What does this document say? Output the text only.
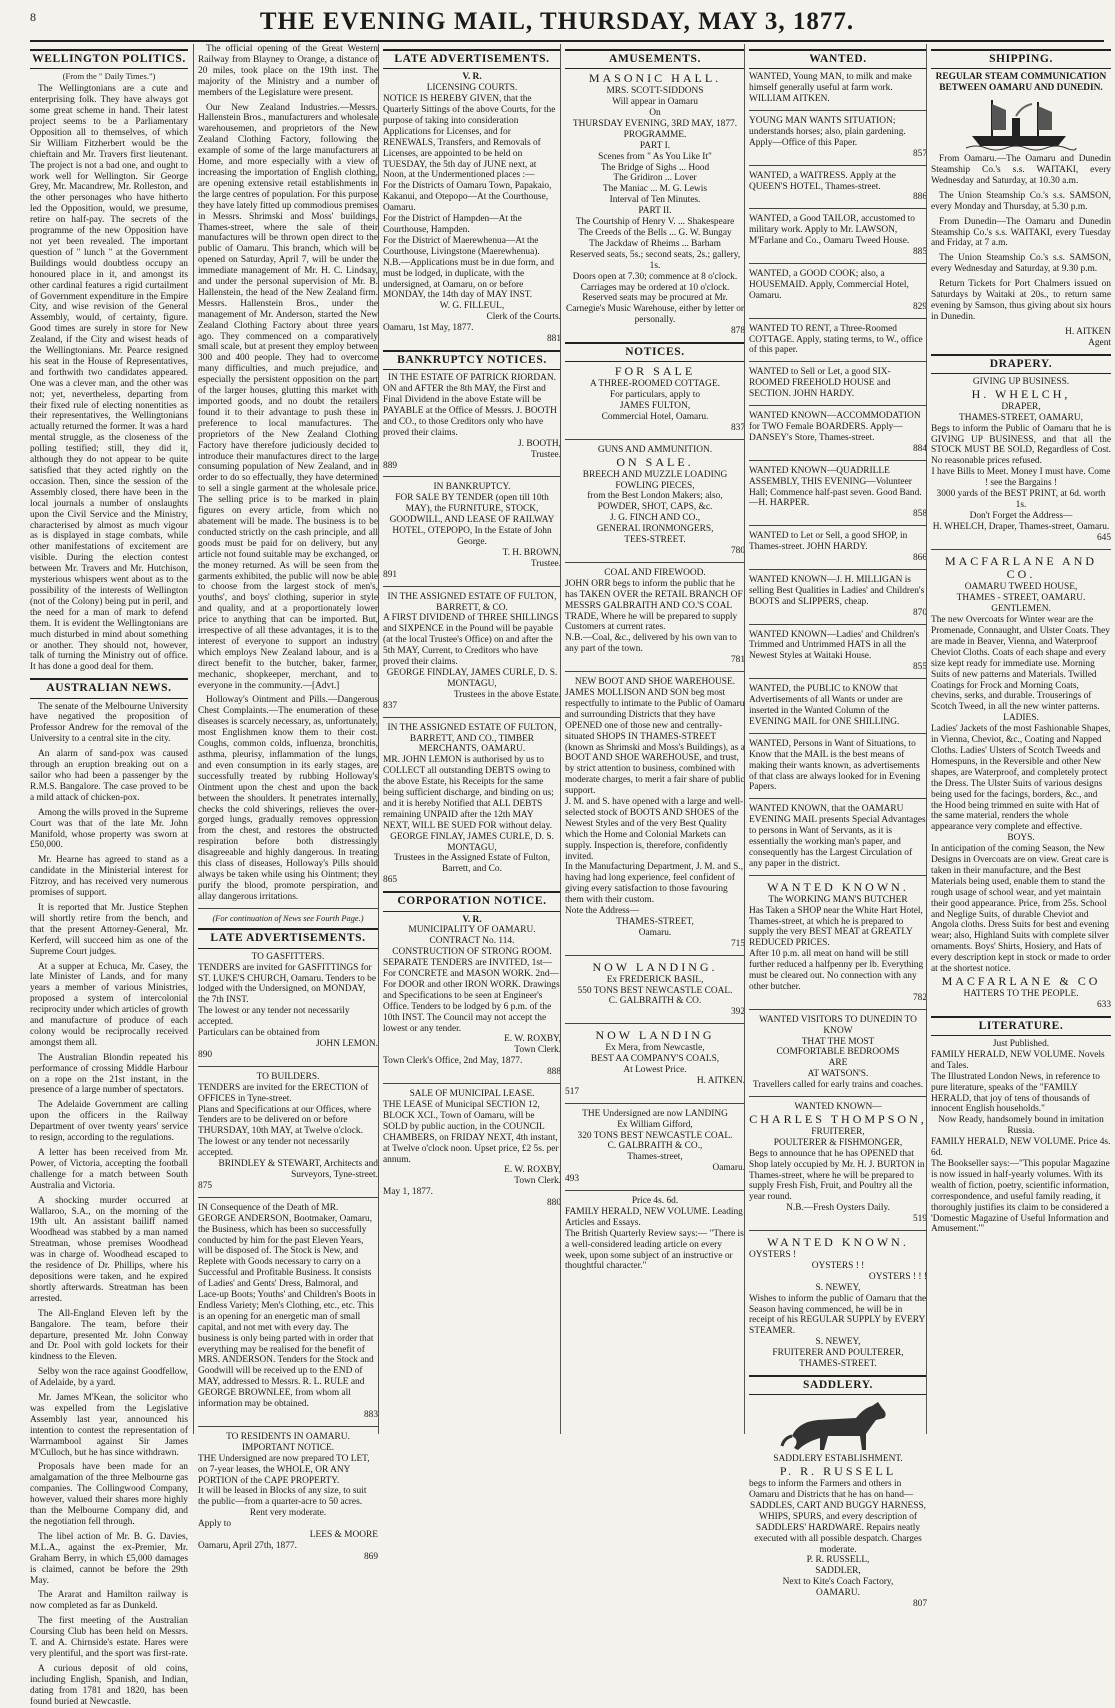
8	THE EVENING MAIL, THURSDAY, MAY 3, 1877.
WELLINGTON POLITICS.
(From the " Daily Times.")

The Wellingtonians are a cute and enterprising folk. They have always got some great scheme in hand. Their latest project seems to be a Parliamentary Opposition all to themselves, of which Sir William Fitzherbert would be the chieftain and Mr. Travers first lieutenant. The project is not a bad one, and ought to work well for Wellington. Sir George Grey, Mr. Macandrew, Mr. Rolleston, and the other personages who have hitherto led the Opposition, would, we presume, retire on half-pay. The secrets of the programme of the new Opposition have not yet been revealed. The important question of " lunch " at the Government Buildings would doubtless occupy an honoured place in it, and amongst its other cardinal features a rigid curtailment of Government expenditure in the Empire City, and wise revision of the General Assembly, would, of certainty, figure. Good times are surely in store for New Zealand, if the City and wisest heads of the Wellingtonians. Mr. Pearce resigned his seat in the House of Representatives, and forthwith two candidates appeared. One was a clever man, and the other was not; yet, nevertheless, departing from their fixed rule of electing nonentities as their representatives, the Wellingtonians actually returned the former. It was a hard mental struggle, as the closeness of the polling testified; still, they did it, although they do not appear to be quite satisfied that they acted rightly on the occasion. Then, since the session of the Assembly closed, there have been in the local journals a number of onslaughts upon the Civil Service and the Ministry, characterised by almost as much vigour as is displayed in stage combats, while other manifestations of excitement are visible. During the election contest between Mr. Travers and Mr. Hutchison, mysterious whispers went about as to the possibility of the interests of Wellington (not of the Colony) being put in peril, and the need for a man of mark to defend them. It is evident the Wellingtonians are much disturbed in mind about something or another. They should not, however, talk of turning the Ministry out of office. It has done a good deal for them.

AUSTRALIAN NEWS.

The senate of the Melbourne University have negatived the proposition of Professor Andrew for the removal of the University to a central site in the city.

An alarm of sand-pox was caused through an eruption breaking out on a sailor who had been a passenger by the R.M.S. Bangalore. The case proved to be a mild attack of chicken-pox.

Among the wills proved in the Supreme Court was that of the late Mr. John Manifold, whose property was sworn at £50,000.

Mr. Hearne has agreed to stand as a candidate in the Ministerial interest for Fitzroy, and has received very numerous promises of support.

It is reported that Mr. Justice Stephen will shortly retire from the bench, and that the present Attorney-General, Mr. Kerferd, will succeed him as one of the Supreme Court judges.

At a supper at Echuca, Mr. Casey, the late Minister of Lands, and for many years a member of various Ministries, proposed a system of intercolonial reciprocity under which articles of growth and manufacture of produce of each colony would be reciprocally received amongst them all.

The Australian Blondin repeated his performance of crossing Middle Harbour on a rope on the 21st instant, in the presence of a large number of spectators.

The Adelaide Government are calling upon the officers in the Railway Department of over twenty years' service to resign, according to the regulations.

A letter has been received from Mr. Power, of Victoria, accepting the football challenge for a match between South Australia and Victoria.

A shocking murder occurred at Wallaroo, S.A., on the morning of the 19th ult. An assistant bailiff named Woodhead was stabbed by a man named Streatman, whose premises Woodhead was in charge of. Woodhead escaped to the residence of Dr. Phillips, where his depositions were taken, and he expired shortly afterwards. Streatman has been arrested.

The All-England Eleven left by the Bangalore. The team, before their departure, presented Mr. John Conway and Dr. Pool with gold lockets for their kindness to the Eleven.

Selby won the race against Goodfellow, of Adelaide, by a yard.

Mr. James M'Kean, the solicitor who was expelled from the Legislative Assembly last year, announced his intention to contest the representation of Warrnambool against Sir James M'Culloch, but he has since withdrawn.

Proposals have been made for an amalgamation of the three Melbourne gas companies. The Collingwood Company, however, valued their shares more highly than the Melbourne Company did, and the negotiation fell through.

The libel action of Mr. B. G. Davies, M.L.A., against the ex-Premier, Mr. Graham Berry, in which £5,000 damages is claimed, cannot be before the 29th May.

The Ararat and Hamilton railway is now completed as far as Dunkeld.

The first meeting of the Australian Coursing Club has been held on Messrs. T. and A. Chirnside's estate. Hares were very plentiful, and the sport was first-rate.

A curious deposit of old coins, including English, Spanish, and Indian, dating from 1781 and 1820, has been found buried at Newcastle.

The official opening of the Great Western Railway from Blayney to Orange, a distance of 20 miles, took place on the 19th inst. The majority of the Ministry and a number of members of the Legislature were present.

Our New Zealand Industries.—Messrs. Hallenstein Bros., manufacturers and wholesale warehousemen, and proprietors of the New Zealand Clothing Factory, following the example of some of the large manufacturers at Home, and more especially with a view of increasing the importation of English clothing, are opening extensive retail establishments in the large centres of population. For this purpose they have lately fitted up commodious premises in Messrs. Shrimski and Moss' buildings, Thames-street, where the sale of their manufactures will be thrown open direct to the public of Oamaru. This branch, which will be opened on Saturday, April 7, will be under the immediate management of Mr. H. C. Lindsay, and under the personal supervision of Mr. B. Hallenstein, the head of the New Zealand firm. Messrs. Hallenstein Bros., under the management of Mr. Anderson, started the New Zealand Clothing Factory about three years ago. They commenced on a comparatively small scale, but at present they employ between 300 and 400 people. They had to overcome many difficulties, and much prejudice, and especially the persistent opposition on the part of the larger houses, glutting this market with imported goods, and no doubt the retailers found it to their advantage to push these in preference to local manufactures. The proprietors of the New Zealand Clothing Factory have therefore judiciously decided to introduce their manufactures direct to the large consuming population of New Zealand, and in order to do so effectually, they have determined to sell a single garment at the wholesale price. The selling price is to be marked in plain figures on every article, from which no abatement will be made. The business is to be conducted strictly on the cash principle, and all goods must be paid for on delivery, but any article not found suitable may be exchanged, or the money returned. As will be seen from the garments exhibited, the public will now be able to choose from the largest stock of men's, youths', and boys' clothing, superior in style and quality, and at a proportionately lower price to anything that can be imported. But, irrespective of all these advantages, it is to the interest of everyone to support an industry which employs New Zealand labour, and is a direct benefit to the butcher, baker, farmer, mechanic, shopkeeper, merchant, and to everyone in the community.—[Advt.]

Holloway's Ointment and Pills.—Dangerous Chest Complaints.—The enumeration of these diseases is scarcely necessary, as, unfortunately, most Englishmen know them to their cost. Coughs, common colds, influenza, bronchitis, asthma, pleurisy, inflammation of the lungs, and even consumption in its early stages, are successfully treated by rubbing Holloway's Ointment upon the chest and upon the back between the shoulders. It penetrates internally, checks the cold shiverings, relieves the over-gorged lungs, gradually removes oppression from the chest, and restores the obstructed respiration before both distressingly disagreeable and highly dangerous. In treating this class of diseases, Holloway's Pills should always be taken while using his Ointment; they purify the blood, promote perspiration, and allay dangerous irritations.

(For continuation of News see Fourth Page.)
LATE ADVERTISEMENTS.
TO GASFITTERS.
TENDERS are invited for GASFITTINGS for ST. LUKE'S CHURCH, Oamaru. Tenders to be lodged with the Undersigned, on MONDAY, the 7th INST.
The lowest or any tender not necessarily accepted.
Particulars can be obtained from
JOHN LEMON.
890
TO BUILDERS.
TENDERS are invited for the ERECTION of OFFICES in Tyne-street.
Plans and Specifications at our Offices, where Tenders are to be delivered on or before THURSDAY, 10th MAY, at Twelve o'clock.
The lowest or any tender not necessarily accepted.
BRINDLEY & STEWART, Architects and Surveyors, Tyne-street.
875
IN Consequence of the Death of MR. GEORGE ANDERSON, Bootmaker, Oamaru, the Business, which has been so successfully conducted by him for the past Eleven Years, will be disposed of. The Stock is New, and Replete with Goods necessary to carry on a Successful and Profitable Business. It consists of Ladies' and Gents' Dress, Balmoral, and Lace-up Boots; Youths' and Children's Boots in Endless Variety; Men's Clothing, etc., etc. This is an opening for an energetic man of small capital, and not met with every day. The business is only being parted with in order that everything may be realised for the benefit of MRS. ANDERSON. Tenders for the Stock and Goodwill will be received up to the END of MAY, addressed to Messrs. R. L. RULE and GEORGE BROWNLEE, from whom all information may be obtained.
883
TO RESIDENTS IN OAMARU.
IMPORTANT NOTICE.
THE Undersigned are now prepared TO LET, on 7-year leases, the WHOLE, OR ANY PORTION of the CAPE PROPERTY.
It will be leased in Blocks of any size, to suit the public—from a quarter-acre to 50 acres.
Rent very moderate.
Apply to
LEES & MOORE
Oamaru, April 27th, 1877.
869
LATE ADVERTISEMENTS.
V. R.
LICENSING COURTS.
NOTICE IS HEREBY GIVEN, that the Quarterly Sittings of the above Courts, for the purpose of taking into consideration Applications for Licenses, and for RENEWALS, Transfers, and Removals of Licenses, are appointed to be held on TUESDAY, the 5th day of JUNE next, at Noon, at the Undermentioned places :—
For the Districts of Oamaru Town, Papakaio, Kakanui, and Otepopo—At the Courthouse, Oamaru.
For the District of Hampden—At the Courthouse, Hampden.
For the District of Maerewhenua—At the Courthouse, Livingstone (Maerewhenua).
N.B.—Applications must be in due form, and must be lodged, in duplicate, with the undersigned, at Oamaru, on or before MONDAY, the 14th day of MAY INST.
W. G. FILLEUL,
Clerk of the Courts.
Oamaru, 1st May, 1877.
881
BANKRUPTCY NOTICES.
IN THE ESTATE OF PATRICK RIORDAN.
ON and AFTER the 8th MAY, the First and Final Dividend in the above Estate will be PAYABLE at the Office of Messrs. J. BOOTH and CO., to those Creditors only who have proved their claims.
J. BOOTH,
Trustee.
889
IN BANKRUPTCY.
FOR SALE BY TENDER (open till 10th MAY), the FURNITURE, STOCK, GOODWILL, AND LEASE OF RAILWAY HOTEL, OTEPOPO, In the Estate of John George.
T. H. BROWN,
Trustee.
891
IN THE ASSIGNED ESTATE OF FULTON, BARRETT, & CO.
A FIRST DIVIDEND of THREE SHILLINGS and SIXPENCE in the Pound will be payable (at the local Trustee's Office) on and after the 5th MAY, Current, to Creditors who have proved their claims.
GEORGE FINDLAY, JAMES CURLE, D. S. MONTAGU,
Trustees in the above Estate.
837
IN THE ASSIGNED ESTATE OF FULTON, BARRETT, AND CO., TIMBER MERCHANTS, OAMARU.
MR. JOHN LEMON is authorised by us to COLLECT all outstanding DEBTS owing to the above Estate, his Receipts for the same being sufficient discharge, and binding on us; and it is hereby Notified that ALL DEBTS remaining UNPAID after the 12th MAY NEXT, WILL BE SUED FOR without delay.
GEORGE FINLAY, JAMES CURLE, D. S. MONTAGU,
Trustees in the Assigned Estate of Fulton, Barrett, and Co.
865
CORPORATION NOTICE.
V. R.
MUNICIPALITY OF OAMARU.
CONTRACT No. 114.
CONSTRUCTION OF STRONG ROOM.
SEPARATE TENDERS are INVITED, 1st—For CONCRETE and MASON WORK. 2nd—For DOOR and other IRON WORK. Drawings and Specifications to be seen at Engineer's Office. Tenders to be lodged by 6 p.m. of the 10th INST. The Council may not accept the lowest or any tender.
E. W. ROXBY,
Town Clerk.
Town Clerk's Office, 2nd May, 1877.
888
SALE OF MUNICIPAL LEASE.
THE LEASE of Municipal SECTION 12, BLOCK XCI., Town of Oamaru, will be SOLD by public auction, in the COUNCIL CHAMBERS, on FRIDAY NEXT, 4th instant, at Twelve o'clock noon. Upset price, £2 5s. per annum.
E. W. ROXBY,
Town Clerk.
May 1, 1877.
880
AMUSEMENTS.
MASONIC HALL.
MRS. SCOTT-SIDDONS
Will appear in Oamaru
On
THURSDAY EVENING, 3RD MAY, 1877.
PROGRAMME.
PART I.
Scenes from " As You Like It"
The Bridge of Sighs ... Hood
The Gridiron ... Lover
The Maniac ... M. G. Lewis
Interval of Ten Minutes.
PART II.
The Courtship of Henry V. ... Shakespeare
The Creeds of the Bells ... G. W. Bungay
The Jackdaw of Rheims ... Barham
Reserved seats, 5s.; second seats, 2s.; gallery, 1s.
Doors open at 7.30; commence at 8 o'clock.
Carriages may be ordered at 10 o'clock.
Reserved seats may be procured at Mr. Carnegie's Music Warehouse, either by letter or personally.
878
NOTICES.
FOR SALE
A THREE-ROOMED COTTAGE.
For particulars, apply to
JAMES FULTON,
Commercial Hotel, Oamaru.
837
GUNS AND AMMUNITION.
ON SALE.
BREECH AND MUZZLE LOADING FOWLING PIECES,
from the Best London Makers; also,
POWDER, SHOT, CAPS, &c.
J. G. FINCH AND CO.,
GENERAL IRONMONGERS,
TEES-STREET.
780
COAL AND FIREWOOD.
JOHN ORR begs to inform the public that he has TAKEN OVER the RETAIL BRANCH OF MESSRS GALBRAITH AND CO.'S COAL TRADE, Where he will be prepared to supply Customers at current rates.
N.B.—Coal, &c., delivered by his own van to any part of the town.
781
NEW BOOT AND SHOE WAREHOUSE.
JAMES MOLLISON AND SON beg most respectfully to intimate to the Public of Oamaru and surrounding Districts that they have OPENED one of those new and centrally-situated SHOPS IN THAMES-STREET (known as Shrimski and Moss's Buildings), as a BOOT AND SHOE WAREHOUSE, and trust, by strict attention to business, combined with moderate charges, to merit a fair share of public support.
J. M. and S. have opened with a large and well-selected stock of BOOTS AND SHOES of the Newest Styles and of the very Best Quality which the Home and Colonial Markets can supply. Inspection is, therefore, confidently invited.
In the Manufacturing Department, J. M. and S., having had long experience, feel confident of giving every satisfaction to those favouring them with their custom.
Note the Address—
THAMES-STREET,
Oamaru.
715
NOW LANDING.
Ex FREDERICK BASIL,
550 TONS BEST NEWCASTLE COAL.
C. GALBRAITH & CO.
392
NOW LANDING
Ex Mera, from Newcastle,
BEST AA COMPANY'S COALS,
At Lowest Price.
H. AITKEN.
517
THE Undersigned are now LANDING
Ex William Gifford,
320 TONS BEST NEWCASTLE COAL.
C. GALBRAITH & CO.,
Thames-street,
Oamaru.
493
Price 4s. 6d.
FAMILY HERALD, NEW VOLUME. Leading Articles and Essays.
The British Quarterly Review says:— "There is a well-considered leading article on every week, upon some subject of an instructive or thoughtful character."
WANTED.
WANTED, Young MAN, to milk and make himself generally useful at farm work. WILLIAM AITKEN.
YOUNG MAN WANTS SITUATION; understands horses; also, plain gardening. Apply—Office of this Paper.
857
WANTED, a WAITRESS. Apply at the QUEEN'S HOTEL, Thames-street.
886
WANTED, a Good TAILOR, accustomed to military work. Apply to Mr. LAWSON, M'Farlane and Co., Oamaru Tweed House.
885
WANTED, a GOOD COOK; also, a HOUSEMAID. Apply, Commercial Hotel, Oamaru.
829
WANTED TO RENT, a Three-Roomed COTTAGE. Apply, stating terms, to W., office of this paper.
WANTED to Sell or Let, a good SIX-ROOMED FREEHOLD HOUSE and SECTION. JOHN HARDY.
WANTED KNOWN—ACCOMMODATION for TWO Female BOARDERS. Apply—DANSEY's Store, Thames-street.
884
WANTED KNOWN—QUADRILLE ASSEMBLY, THIS EVENING—Volunteer Hall; Commence half-past seven. Good Band.—H. HARPER.
858
WANTED to Let or Sell, a good SHOP, in Thames-street. JOHN HARDY.
866
WANTED KNOWN—J. H. MILLIGAN is selling Best Qualities in Ladies' and Children's BOOTS and SLIPPERS, cheap.
870
WANTED KNOWN—Ladies' and Children's Trimmed and Untrimmed HATS in all the Newest Styles at Waitaki House.
855
WANTED, the PUBLIC to KNOW that Advertisements of all Wants or under are inserted in the Wanted Column of the EVENING MAIL for ONE SHILLING.
WANTED, Persons in Want of Situations, to Know that the MAIL is the best means of making their wants known, as advertisements of that class are always looked for in Evening Papers.
WANTED KNOWN, that the OAMARU EVENING MAIL presents Special Advantages to persons in Want of Servants, as it is essentially the working man's paper, and consequently has the Largest Circulation of any paper in the district.
WANTED KNOWN.
The WORKING MAN'S BUTCHER
Has Taken a SHOP near the White Hart Hotel, Thames-street, at which he is prepared to supply the very BEST MEAT at GREATLY REDUCED PRICES.
After 10 p.m. all meat on hand will be still further reduced a halfpenny per lb. Everything must be cleared out. No connection with any other butcher.
782
WANTED VISITORS TO DUNEDIN TO KNOW
THAT THE MOST
COMFORTABLE BEDROOMS
ARE
AT WATSON'S.
Travellers called for early trains and coaches.
WANTED KNOWN—
CHARLES THOMPSON,
FRUITERER,
POULTERER & FISHMONGER,
Begs to announce that he has OPENED that Shop lately occupied by Mr. H. J. BURTON in Thames-street, where he will be prepared to supply Fresh Fish, Fruit, and Poultry all the year round.
N.B.—Fresh Oysters Daily.
519
WANTED KNOWN.
OYSTERS !
OYSTERS ! !
OYSTERS ! ! !
S. NEWEY,
Wishes to inform the public of Oamaru that the Season having commenced, he will be in receipt of his REGULAR SUPPLY by EVERY STEAMER.
S. NEWEY,
FRUITERER AND POULTERER,
THAMES-STREET.
SADDLERY.
SADDLERY ESTABLISHMENT.
P. R. RUSSELL
begs to inform the Farmers and others in Oamaru and Districts that he has on hand—
SADDLES, CART AND BUGGY HARNESS, WHIPS, SPURS, and every description of SADDLERS' HARDWARE. Repairs neatly executed with all possible despatch. Charges moderate.
P. R. RUSSELL,
SADDLER,
Next to Kite's Coach Factory,
OAMARU.
807
SHIPPING.
REGULAR STEAM COMMUNICATION BETWEEN OAMARU AND DUNEDIN.

From Oamaru.—The Oamaru and Dunedin Steamship Co.'s s.s. WAITAKI, every Wednesday and Saturday, at 10.30 a.m.

The Union Steamship Co.'s s.s. SAMSON, every Monday and Thursday, at 5.30 p.m.

From Dunedin—The Oamaru and Dunedin Steamship Co.'s s.s. WAITAKI, every Tuesday and Friday, at 7 a.m.

The Union Steamship Co.'s s.s. SAMSON, every Wednesday and Saturday, at 9.30 p.m.

Return Tickets for Port Chalmers issued on Saturdays by Waitaki at 20s., to return same evening by Samson, thus giving about six hours in Dunedin.

H. AITKEN
Agent
DRAPERY.
GIVING UP BUSINESS.
H. WHELCH,
DRAPER,
THAMES-STREET, OAMARU,
Begs to inform the Public of Oamaru that he is GIVING UP BUSINESS, and that all the STOCK MUST BE SOLD, Regardless of Cost. No reasonable prices refused.
I have Bills to Meet. Money I must have. Come ! see the Bargains !
3000 yards of the BEST PRINT, at 6d. worth 1s.
Don't Forget the Address—
H. WHELCH, Draper, Thames-street, Oamaru.
645
MACFARLANE AND CO.
OAMARU TWEED HOUSE,
THAMES - STREET, OAMARU.
GENTLEMEN.
The new Overcoats for Winter wear are the Promenade, Connaught, and Ulster Coats. They are made in Beaver, Vienna, and Waterproof Cheviot Cloths. Coats of each shape and every size kept ready for immediate use. Morning Suits of new patterns and Materials. Twilled Coatings for Frock and Morning Coats, chevins, serks, and durable. Trouserings of Scotch Tweed, in all the new winter patterns.
LADIES.
Ladies' Jackets of the most Fashionable Shapes, in Vienna, Cheviot, &c., Coating and Napped Cloths. Ladies' Ulsters of Scotch Tweeds and Homespuns, in the Reversible and other New shapes, are Waterproof, and completely protect the Dress. The Ulster Suits of various designs being used for the facings, borders, &c., and the Hood being trimmed en suite with Hat of the same material, renders the whole appearance very complete and effective.
BOYS.
In anticipation of the coming Season, the New Designs in Overcoats are on view. Great care is taken in their manufacture, and the Best Materials being used, enable them to stand the rough usage of school wear, and yet maintain their good appearance. Price, from 25s. School and Neglige Suits, of durable Cheviot and Angola cloths. Dress Suits for best and evening wear; also, Highland Suits with complete silver ornaments. Boys' Shirts, Hosiery, and Hats of every description kept in stock or made to order at the shortest notice.
MACFARLANE & CO
HATTERS TO THE PEOPLE.
633
LITERATURE.
Just Published.
FAMILY HERALD, NEW VOLUME. Novels and Tales.
The Illustrated London News, in reference to pure literature, speaks of the "FAMILY HERALD, that joy of tens of thousands of innocent English households."
Now Ready, handsomely bound in imitation Russia.
FAMILY HERALD, NEW VOLUME. Price 4s. 6d.
The Bookseller says:—"This popular Magazine is now issued in half-yearly volumes. With its wealth of fiction, poetry, scientific information, correspondence, and useful family reading, it thoroughly justifies its claim to be considered a 'Domestic Magazine of Useful Information and Amusement.'"
